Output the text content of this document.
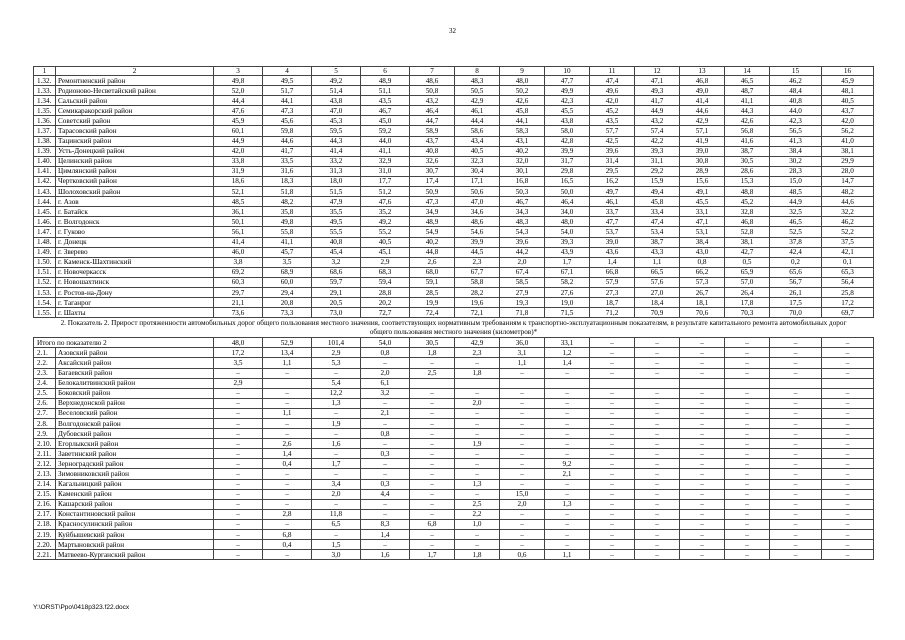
32
1	2	3	4	5	6	7	8	9	10	11	12	13	14	15	16
1.32.	Ремонтненский район	49,8	49,5	49,2	48,9	48,6	48,3	48,0	47,7	47,4	47,1	46,8	46,5	46,2	45,9
1.33.	Родионово-Несветайский район	52,0	51,7	51,4	51,1	50,8	50,5	50,2	49,9	49,6	49,3	49,0	48,7	48,4	48,1
1.34.	Сальский район	44,4	44,1	43,8	43,5	43,2	42,9	42,6	42,3	42,0	41,7	41,4	41,1	40,8	40,5
1.35.	Семикаракорский район	47,6	47,3	47,0	46,7	46,4	46,1	45,8	45,5	45,2	44,9	44,6	44,3	44,0	43,7
1.36.	Советский район	45,9	45,6	45,3	45,0	44,7	44,4	44,1	43,8	43,5	43,2	42,9	42,6	42,3	42,0
1.37.	Тарасовский район	60,1	59,8	59,5	59,2	58,9	58,6	58,3	58,0	57,7	57,4	57,1	56,8	56,5	56,2
1.38.	Тацинский район	44,9	44,6	44,3	44,0	43,7	43,4	43,1	42,8	42,5	42,2	41,9	41,6	41,3	41,0
1.39.	Усть-Донецкий район	42,0	41,7	41,4	41,1	40,8	40,5	40,2	39,9	39,6	39,3	39,0	38,7	38,4	38,1
1.40.	Целинский район	33,8	33,5	33,2	32,9	32,6	32,3	32,0	31,7	31,4	31,1	30,8	30,5	30,2	29,9
1.41.	Цимлянский район	31,9	31,6	31,3	31,0	30,7	30,4	30,1	29,8	29,5	29,2	28,9	28,6	28,3	28,0
1.42.	Чертковский район	18,6	18,3	18,0	17,7	17,4	17,1	16,8	16,5	16,2	15,9	15,6	15,3	15,0	14,7
1.43.	Шолоховский район	52,1	51,8	51,5	51,2	50,9	50,6	50,3	50,0	49,7	49,4	49,1	48,8	48,5	48,2
1.44.	г. Азов	48,5	48,2	47,9	47,6	47,3	47,0	46,7	46,4	46,1	45,8	45,5	45,2	44,9	44,6
1.45.	г. Батайск	36,1	35,8	35,5	35,2	34,9	34,6	34,3	34,0	33,7	33,4	33,1	32,8	32,5	32,2
1.46.	г. Волгодонск	50,1	49,8	49,5	49,2	48,9	48,6	48,3	48,0	47,7	47,4	47,1	46,8	46,5	46,2
1.47.	г. Гуково	56,1	55,8	55,5	55,2	54,9	54,6	54,3	54,0	53,7	53,4	53,1	52,8	52,5	52,2
1.48.	г. Донецк	41,4	41,1	40,8	40,5	40,2	39,9	39,6	39,3	39,0	38,7	38,4	38,1	37,8	37,5
1.49.	г. Зверево	46,0	45,7	45,4	45,1	44,8	44,5	44,2	43,9	43,6	43,3	43,0	42,7	42,4	42,1
1.50.	г. Каменск-Шахтинский	3,8	3,5	3,2	2,9	2,6	2,3	2,0	1,7	1,4	1,1	0,8	0,5	0,2	0,1
1.51.	г. Новочеркасск	69,2	68,9	68,6	68,3	68,0	67,7	67,4	67,1	66,8	66,5	66,2	65,9	65,6	65,3
1.52.	г. Новошахтинск	60,3	60,0	59,7	59,4	59,1	58,8	58,5	58,2	57,9	57,6	57,3	57,0	56,7	56,4
1.53.	г. Ростов-на-Дону	29,7	29,4	29,1	28,8	28,5	28,2	27,9	27,6	27,3	27,0	26,7	26,4	26,1	25,8
1.54.	г. Таганрог	21,1	20,8	20,5	20,2	19,9	19,6	19,3	19,0	18,7	18,4	18,1	17,8	17,5	17,2
1.55.	г. Шахты	73,6	73,3	73,0	72,7	72,4	72,1	71,8	71,5	71,2	70,9	70,6	70,3	70,0	69,7
2. Показатель 2. Прирост протяженности автомобильных дорог общего пользования местного значения, соответствующих нормативным требованиям к транспортно-эксплуатационным показателям, в результате капитального ремонта автомобильных дорог общего пользования местного значения (километров)*															
Итого по показателю 2		48,0	52,9	101,4	54,0	30,5	42,9	36,0	33,1	–	–	–	–	–	–
2.1.	Азовский район	17,2	13,4	2,9	0,8	1,8	2,3	3,1	1,2	–	–	–	–	–	–
2.2.	Аксайский район	3,5	1,1	5,3	–	–	–	1,1	1,4	–	–	–	–	–	–
2.3.	Багаевский район	–	–	–	2,0	2,5	1,8	–	–	–	–	–	–	–	–
2.4.	Белокалитвинский район	2,9		5,4	6,1										
2.5.	Боковский район	–	–	12,2	3,2	–	–	–	–	–	–	–	–	–	–
2.6.	Верхнедонской район	–	–	1,3	–	–	2,0	–	–	–	–	–	–	–	–
2.7.	Веселовский район	–	1,1	–	2,1	–	–	–	–	–	–	–	–	–	–
2.8.	Волгодонской район	–	–	1,9	–	–	–	–	–	–	–	–	–	–	–
2.9.	Дубовский район	–	–	–	0,8	–	–	–	–	–	–	–	–	–	–
2.10.	Егорлыкский район	–	2,6	1,6	–	–	1,9	–	–	–	–	–	–	–	–
2.11.	Заветинский район	–	1,4	–	0,3	–	–	–	–	–	–	–	–	–	–
2.12.	Зерноградский район	–	0,4	1,7	–	–	–	–	9,2	–	–	–	–	–	–
2.13.	Зимовниковский район	–	–	–	–	–	–	–	2,1	–	–	–	–	–	–
2.14.	Кагальницкий район	–	–	3,4	0,3	–	1,3	–	–	–	–	–	–	–	–
2.15.	Каменский район	–	–	2,0	4,4	–	–	15,0	–	–	–	–	–	–	–
2.16.	Кашарский район	–	–	–	–	–	2,5	2,0	1,3	–	–	–	–	–	–
2.17.	Константиновский район	–	2,8	11,8	–	–	2,2	–	–	–	–	–	–	–	–
2.18.	Красносулинский район	–	–	6,5	8,3	6,8	1,0	–	–	–	–	–	–	–	–
2.19.	Куйбышевский район	–	6,8	–	1,4	–	–	–	–	–	–	–	–	–	–
2.20.	Мартыновский район	–	0,4	1,5	–	–	–	–	–	–	–	–	–	–	–
2.21.	Матвеево-Курганский район	–	–	3,0	1,6	1,7	1,8	0,6	1,1	–	–	–	–	–	–
Y:\ORST\Ppo\0418p323.f22.docx
